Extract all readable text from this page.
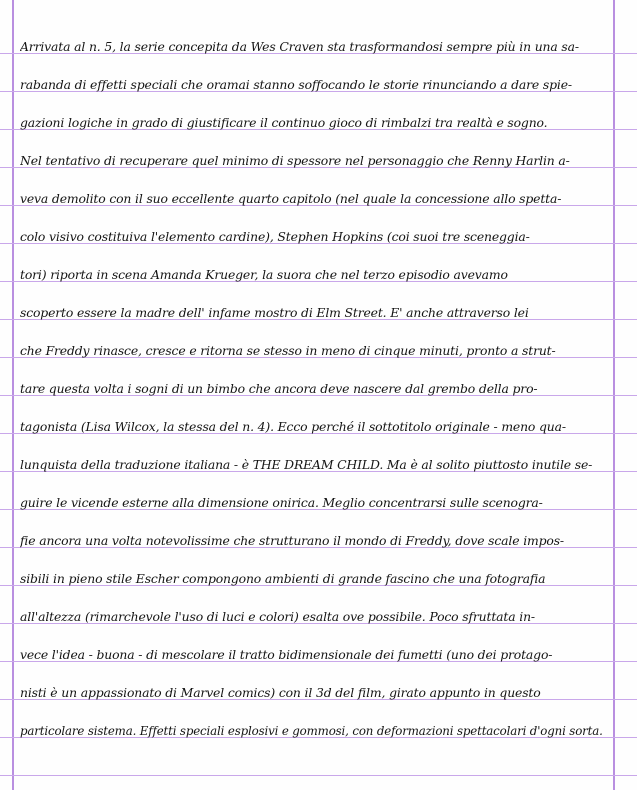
Arrivata al n. 5, la serie concepita da Wes Craven sta trasformandosi sempre più in una sa-
rabanda di effetti speciali che oramai stanno soffocando le storie rinunciando a dare spie-
gazioni logiche in grado di giustificare il continuo gioco di rimbalzi tra realtà e sogno.
Nel tentativo di recuperare quel minimo di spessore nel personaggio che Renny Harlin a-
veva demolito con il suo eccellente quarto capitolo (nel quale la concessione allo spetta-
colo visivo costituiva l'elemento cardine), Stephen Hopkins (coi suoi tre sceneggia-
tori) riporta in scena Amanda Krueger, la suora che nel terzo episodio avevamo
scoperto essere la madre dell' infame mostro di Elm Street. E' anche attraverso lei
che Freddy rinasce, cresce e ritorna se stesso in meno di cinque minuti, pronto a strut-
tare questa volta i sogni di un bimbo che ancora deve nascere dal grembo della pro-
tagonista (Lisa Wilcox, la stessa del n. 4). Ecco perché il sottotitolo originale - meno qua-
lunquista della traduzione italiana - è THE DREAM CHILD. Ma è al solito piuttosto inutile se-
guire le vicende esterne alla dimensione onirica. Meglio concentrarsi sulle scenogra-
fie ancora una volta notevolissime che strutturano il mondo di Freddy, dove scale impos-
sibili in pieno stile Escher compongono ambienti di grande fascino che una fotografia
all'altezza (rimarchevole l'uso di luci e colori) esalta ove possibile. Poco sfruttata in-
vece l'idea - buona - di mescolare il tratto bidimensionale dei fumetti (uno dei protago-
nisti è un appassionato di Marvel comics) con il 3d del film, girato appunto in questo
particolare sistema. Effetti speciali esplosivi e gommosi, con deformazioni spettacolari d'ogni sorta.
